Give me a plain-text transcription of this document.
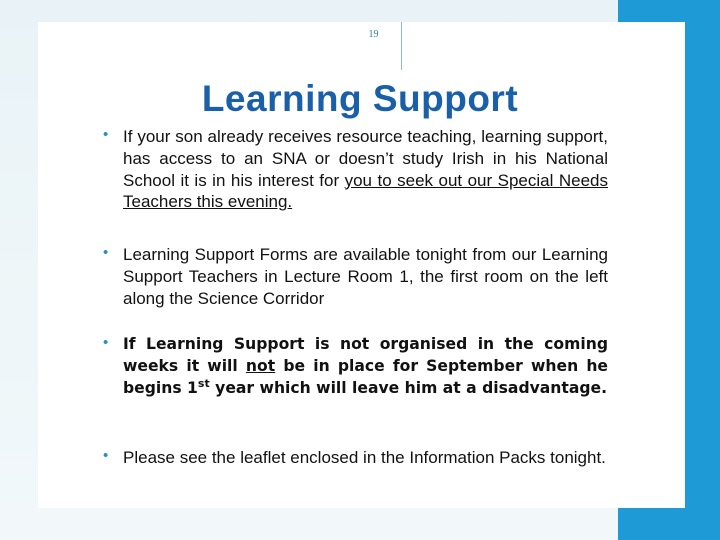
19
Learning Support
• If your son already receives resource teaching, learning support, has access to an SNA or doesn’t study Irish in his National School it is in his interest for you to seek out our Special Needs Teachers this evening.
• Learning Support Forms are available tonight from our Learning Support Teachers in Lecture Room 1, the first room on the left along the Science Corridor
• If Learning Support is not organised in the coming weeks it will not be in place for September when he begins 1st year which will leave him at a disadvantage.
• Please see the leaflet enclosed in the Information Packs tonight.
